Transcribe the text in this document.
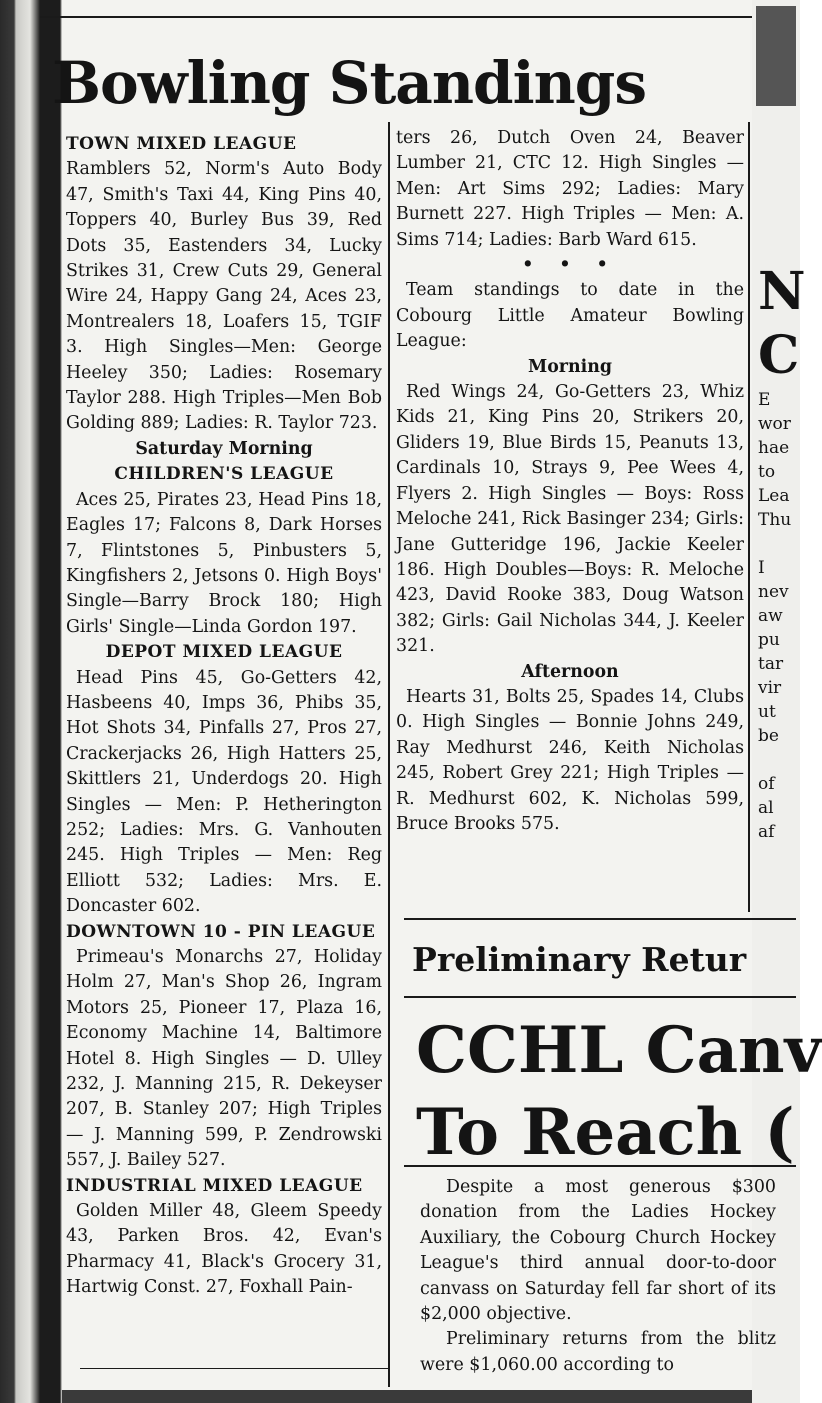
Bowling Standings
TOWN MIXED LEAGUE

Ramblers 52, Norm's Auto Body 47, Smith's Taxi 44, King Pins 40, Toppers 40, Burley Bus 39, Red Dots 35, Eastenders 34, Lucky Strikes 31, Crew Cuts 29, General Wire 24, Happy Gang 24, Aces 23, Montrealers 18, Loafers 15, TGIF 3. High Singles—Men: George Heeley 350; Ladies: Rosemary Taylor 288. High Triples—Men Bob Golding 889; Ladies: R. Taylor 723.

Saturday Morning
CHILDREN'S LEAGUE

Aces 25, Pirates 23, Head Pins 18, Eagles 17; Falcons 8, Dark Horses 7, Flintstones 5, Pinbusters 5, Kingfishers 2, Jetsons 0. High Boys' Single—Barry Brock 180; High Girls' Single—Linda Gordon 197.

DEPOT MIXED LEAGUE

Head Pins 45, Go-Getters 42, Hasbeens 40, Imps 36, Phibs 35, Hot Shots 34, Pinfalls 27, Pros 27, Crackerjacks 26, High Hatters 25, Skittlers 21, Underdogs 20. High Singles — Men: P. Hetherington 252; Ladies: Mrs. G. Vanhouten 245. High Triples — Men: Reg Elliott 532; Ladies: Mrs. E. Doncaster 602.

DOWNTOWN 10 - PIN LEAGUE

Primeau's Monarchs 27, Holiday Holm 27, Man's Shop 26, Ingram Motors 25, Pioneer 17, Plaza 16, Economy Machine 14, Baltimore Hotel 8. High Singles — D. Ulley 232, J. Manning 215, R. Dekeyser 207, B. Stanley 207; High Triples — J. Manning 599, P. Zendrowski 557, J. Bailey 527.

INDUSTRIAL MIXED LEAGUE

Golden Miller 48, Gleem Speedy 43, Parken Bros. 42, Evan's Pharmacy 41, Black's Grocery 31, Hartwig Const. 27, Foxhall Pain-

ters 26, Dutch Oven 24, Beaver Lumber 21, CTC 12. High Singles — Men: Art Sims 292; Ladies: Mary Burnett 227. High Triples — Men: A. Sims 714; Ladies: Barb Ward 615.

• • •

Team standings to date in the Cobourg Little Amateur Bowling League:

Morning

Red Wings 24, Go-Getters 23, Whiz Kids 21, King Pins 20, Strikers 20, Gliders 19, Blue Birds 15, Peanuts 13, Cardinals 10, Strays 9, Pee Wees 4, Flyers 2. High Singles — Boys: Ross Meloche 241, Rick Basinger 234; Girls: Jane Gutteridge 196, Jackie Keeler 186. High Doubles—Boys: R. Meloche 423, David Rooke 383, Doug Watson 382; Girls: Gail Nicholas 344, J. Keeler 321.

Afternoon

Hearts 31, Bolts 25, Spades 14, Clubs 0. High Singles — Bonnie Johns 249, Ray Medhurst 246, Keith Nicholas 245, Robert Grey 221; High Triples — R. Medhurst 602, K. Nicholas 599, Bruce Brooks 575.

N
C
E
wor
hae
to
Lea
Thu

I
nev
aw
pu
tar
vir
ut
be

of
al
af
Preliminary Retur
CCHL Canv
To Reach (

Despite a most generous $300 donation from the Ladies Hockey Auxiliary, the Cobourg Church Hockey League's third annual door-to-door canvass on Saturday fell far short of its $2,000 objective.

Preliminary returns from the blitz were $1,060.00 according to
